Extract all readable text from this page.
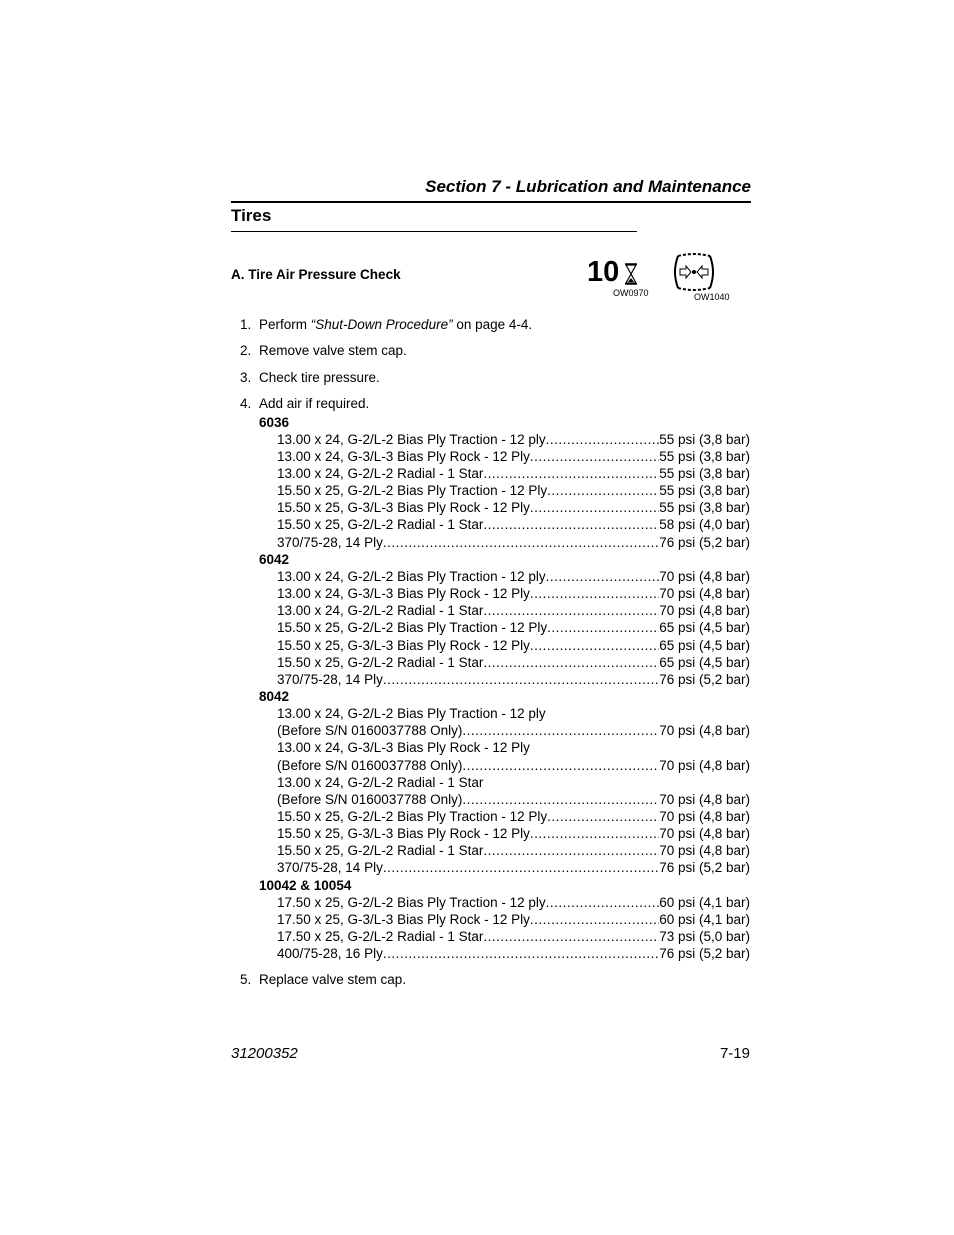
Section 7 - Lubrication and Maintenance
Tires
A. Tire Air Pressure Check	10
OW0970	OW1040
1. Perform “Shut-Down Procedure” on page 4-4.
2. Remove valve stem cap.
3. Check tire pressure.
4. Add air if required.
6036
13.00 x 24, G-2/L-2 Bias Ply Traction - 12 ply .....	55 psi (3,8 bar)
13.00 x 24, G-3/L-3 Bias Ply Rock - 12 Ply .....	55 psi (3,8 bar)
13.00 x 24, G-2/L-2 Radial - 1 Star .....	55 psi (3,8 bar)
15.50 x 25, G-2/L-2 Bias Ply Traction - 12 Ply .....	55 psi (3,8 bar)
15.50 x 25, G-3/L-3 Bias Ply Rock - 12 Ply .....	55 psi (3,8 bar)
15.50 x 25, G-2/L-2 Radial - 1 Star .....	58 psi (4,0 bar)
370/75-28, 14 Ply .....	76 psi (5,2 bar)
6042
13.00 x 24, G-2/L-2 Bias Ply Traction - 12 ply .....	70 psi (4,8 bar)
13.00 x 24, G-3/L-3 Bias Ply Rock - 12 Ply .....	70 psi (4,8 bar)
13.00 x 24, G-2/L-2 Radial - 1 Star .....	70 psi (4,8 bar)
15.50 x 25, G-2/L-2 Bias Ply Traction - 12 Ply .....	65 psi (4,5 bar)
15.50 x 25, G-3/L-3 Bias Ply Rock - 12 Ply .....	65 psi (4,5 bar)
15.50 x 25, G-2/L-2 Radial - 1 Star .....	65 psi (4,5 bar)
370/75-28, 14 Ply .....	76 psi (5,2 bar)
8042
13.00 x 24, G-2/L-2 Bias Ply Traction - 12 ply
(Before S/N 0160037788 Only) .....	70 psi (4,8 bar)
13.00 x 24, G-3/L-3 Bias Ply Rock - 12 Ply
(Before S/N 0160037788 Only) .....	70 psi (4,8 bar)
13.00 x 24, G-2/L-2 Radial - 1 Star
(Before S/N 0160037788 Only) .....	70 psi (4,8 bar)
15.50 x 25, G-2/L-2 Bias Ply Traction - 12 Ply .....	70 psi (4,8 bar)
15.50 x 25, G-3/L-3 Bias Ply Rock - 12 Ply .....	70 psi (4,8 bar)
15.50 x 25, G-2/L-2 Radial - 1 Star .....	70 psi (4,8 bar)
370/75-28, 14 Ply .....	76 psi (5,2 bar)
10042 & 10054
17.50 x 25, G-2/L-2 Bias Ply Traction - 12 ply .....	60 psi (4,1 bar)
17.50 x 25, G-3/L-3 Bias Ply Rock - 12 Ply .....	60 psi (4,1 bar)
17.50 x 25, G-2/L-2 Radial - 1 Star .....	73 psi (5,0 bar)
400/75-28, 16 Ply .....	76 psi (5,2 bar)
5. Replace valve stem cap.
31200352	7-19
